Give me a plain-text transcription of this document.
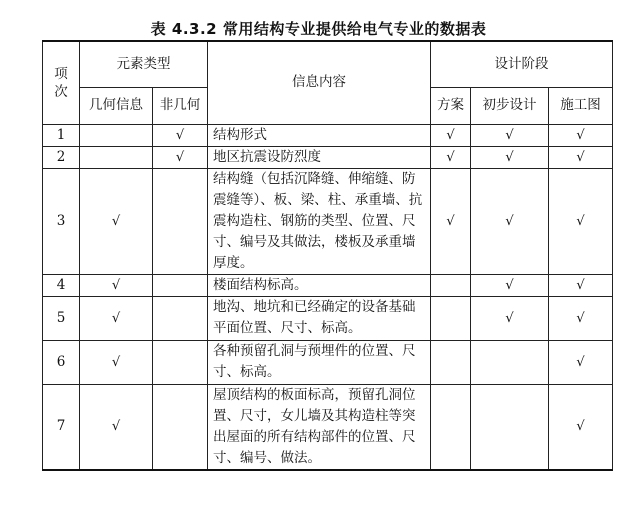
表 4.3.2 常用结构专业提供给电气专业的数据表
项次	元素类型		信息内容	设计阶段		
	几何信息	非几何		方案	初步设计	施工图
1		√	结构形式	√	√	√
2		√	地区抗震设防烈度	√	√	√
3	√		结构缝（包括沉降缝、伸缩缝、防震缝等）、板、梁、柱、承重墙、抗震构造柱、钢筋的类型、位置、尺寸、编号及其做法，楼板及承重墙厚度。	√	√	√
4	√		楼面结构标高。		√	√
5	√		地沟、地坑和已经确定的设备基础平面位置、尺寸、标高。		√	√
6	√		各种预留孔洞与预埋件的位置、尺寸、标高。			√
7	√		屋顶结构的板面标高，预留孔洞位置、尺寸，女儿墙及其构造柱等突出屋面的所有结构部件的位置、尺寸、编号、做法。			√
